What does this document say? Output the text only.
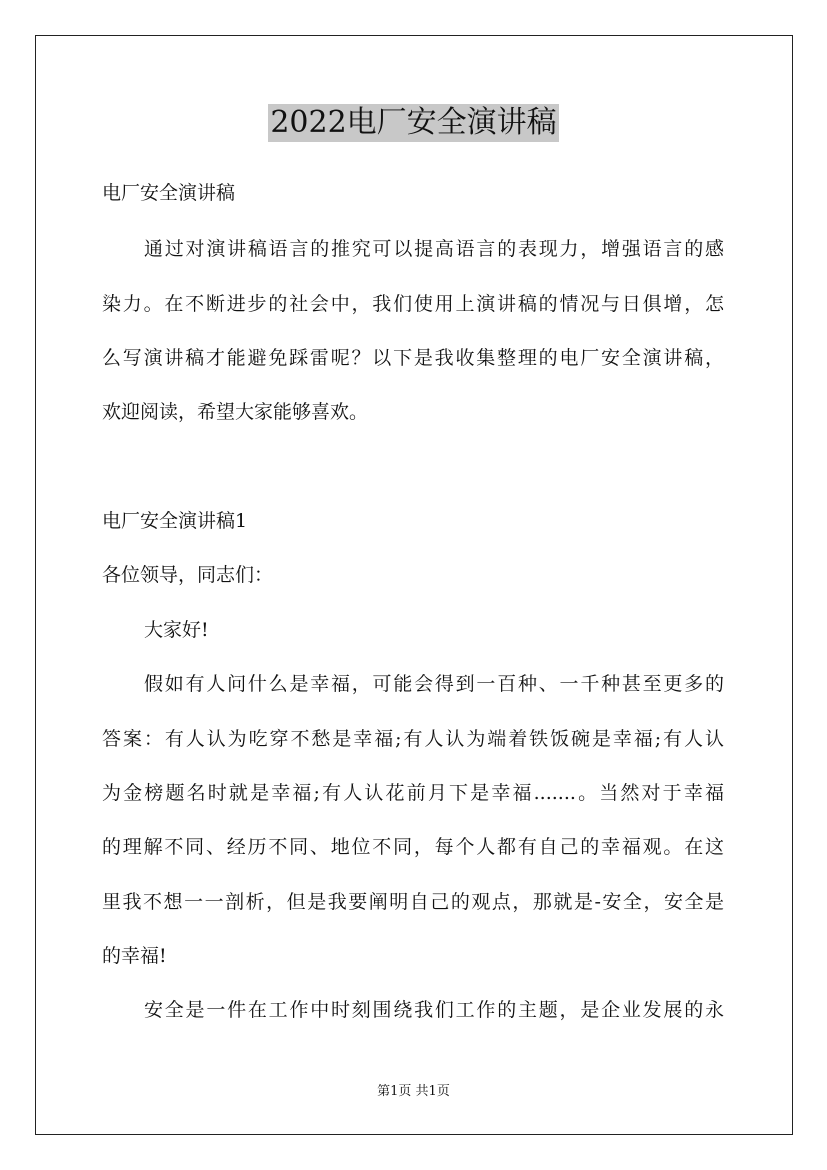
2022电厂安全演讲稿
电厂安全演讲稿
通过对演讲稿语言的推究可以提高语言的表现力，增强语言的感
染力。在不断进步的社会中，我们使用上演讲稿的情况与日俱增，怎
么写演讲稿才能避免踩雷呢？以下是我收集整理的电厂安全演讲稿，
欢迎阅读，希望大家能够喜欢。
电厂安全演讲稿1
各位领导，同志们：
大家好!
假如有人问什么是幸福，可能会得到一百种、一千种甚至更多的
答案：有人认为吃穿不愁是幸福;有人认为端着铁饭碗是幸福;有人认
为金榜题名时就是幸福;有人认花前月下是幸福.......。当然对于幸福
的理解不同、经历不同、地位不同，每个人都有自己的幸福观。在这
里我不想一一剖析，但是我要阐明自己的观点，那就是-安全，安全是
的幸福!
安全是一件在工作中时刻围绕我们工作的主题，是企业发展的永
第1页 共1页
